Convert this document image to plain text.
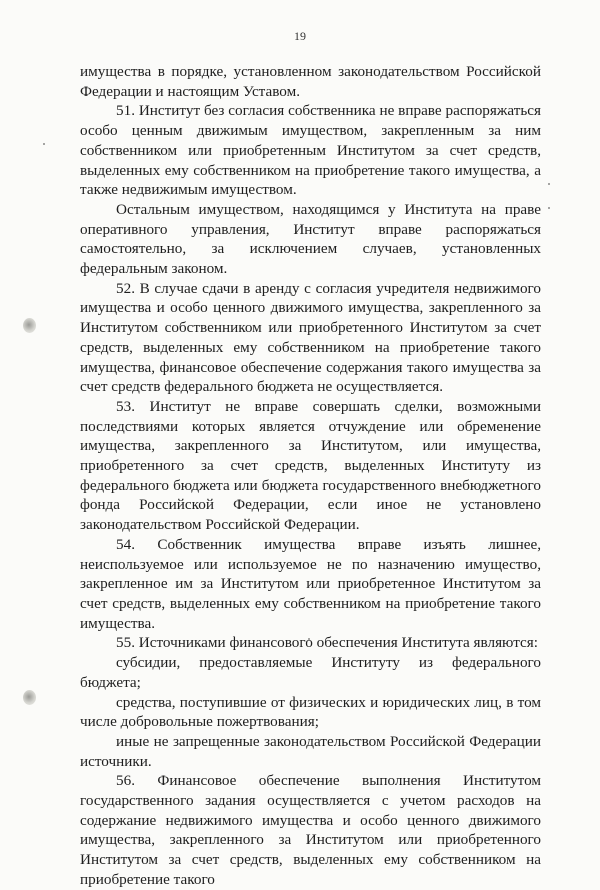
19

имущества в порядке, установленном законодательством Российской Федерации и настоящим Уставом.

51. Институт без согласия собственника не вправе распоряжаться особо ценным движимым имуществом, закрепленным за ним собственником или приобретенным Институтом за счет средств, выделенных ему собственником на приобретение такого имущества, а также недвижимым имуществом.

Остальным имуществом, находящимся у Института на праве оперативного управления, Институт вправе распоряжаться самостоятельно, за исключением случаев, установленных федеральным законом.

52. В случае сдачи в аренду с согласия учредителя недвижимого имущества и особо ценного движимого имущества, закрепленного за Институтом собственником или приобретенного Институтом за счет средств, выделенных ему собственником на приобретение такого имущества, финансовое обеспечение содержания такого имущества за счет средств федерального бюджета не осуществляется.

53. Институт не вправе совершать сделки, возможными последствиями которых является отчуждение или обременение имущества, закрепленного за Институтом, или имущества, приобретенного за счет средств, выделенных Институту из федерального бюджета или бюджета государственного внебюджетного фонда Российской Федерации, если иное не установлено законодательством Российской Федерации.

54. Собственник имущества вправе изъять лишнее, неиспользуемое или используемое не по назначению имущество, закрепленное им за Институтом или приобретенное Институтом за счет средств, выделенных ему собственником на приобретение такого имущества.

55. Источниками финансового обеспечения Института являются:

субсидии, предоставляемые Институту из федерального бюджета;

средства, поступившие от физических и юридических лиц, в том числе добровольные пожертвования;

иные не запрещенные законодательством Российской Федерации источники.

56. Финансовое обеспечение выполнения Институтом государственного задания осуществляется с учетом расходов на содержание недвижимого имущества и особо ценного движимого имущества, закрепленного за Институтом или приобретенного Институтом за счет средств, выделенных ему собственником на приобретение такого
